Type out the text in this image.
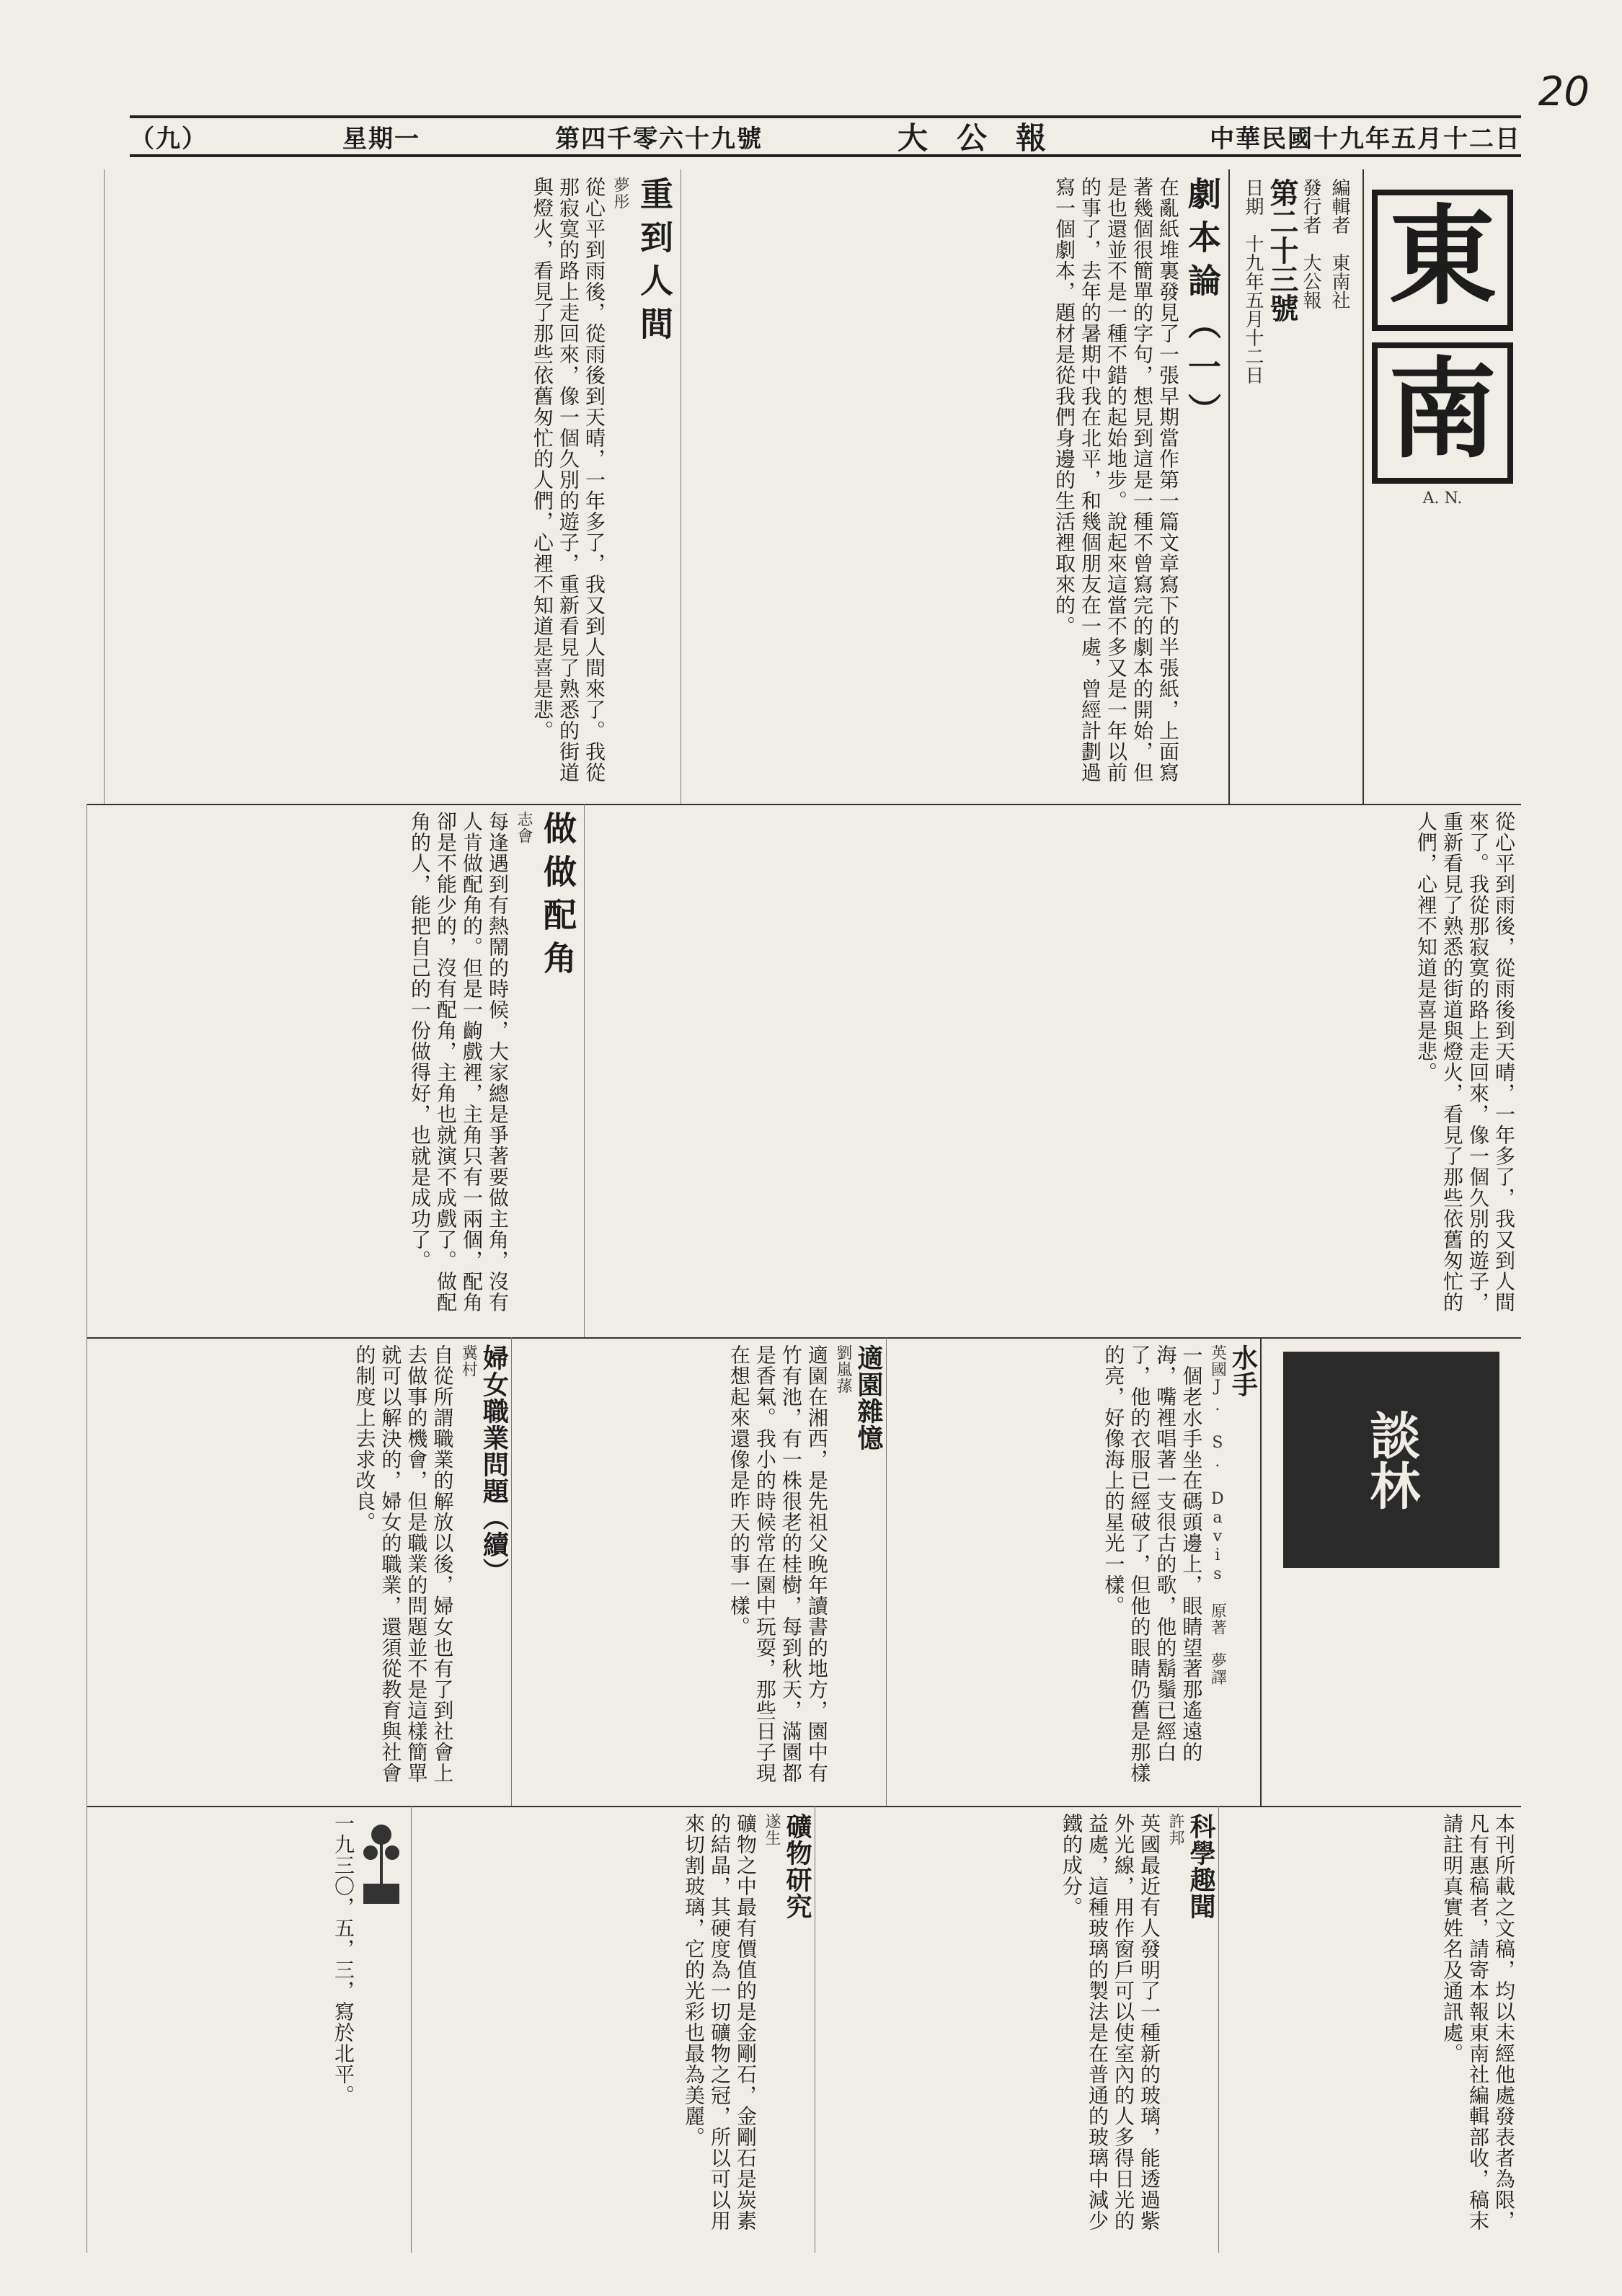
20
（九）	星期一	第四千零六十九號	大公報	中華民國十九年五月十二日
東
南
A. N.
編輯者　東南社
發行者　大公報
第二十三號
日期　十九年五月十二日
劇本論（一）
在亂紙堆裏發見了一張早期當作第一篇文章寫下的半張紙，上面寫著幾個很簡單的字句，想見到這是一種不曾寫完的劇本的開始，但是也還並不是一種不錯的起始地步。說起來這當不多又是一年以前的事了，去年的暑期中我在北平，和幾個朋友在一處，曾經計劃過寫一個劇本，題材是從我們身邊的生活裡取來的。
重到人間
夢彤
從心平到雨後，從雨後到天晴，一年多了，我又到人間來了。我從那寂寞的路上走回來，像一個久別的遊子，重新看見了熟悉的街道與燈火，看見了那些依舊匆忙的人們，心裡不知道是喜是悲。
從心平到雨後，從雨後到天晴，一年多了，我又到人間來了。我從那寂寞的路上走回來，像一個久別的遊子，重新看見了熟悉的街道與燈火，看見了那些依舊匆忙的人們，心裡不知道是喜是悲。
做做配角
志會
每逢遇到有熱鬧的時候，大家總是爭著要做主角，沒有人肯做配角的。但是一齣戲裡，主角只有一兩個，配角卻是不能少的，沒有配角，主角也就演不成戲了。做配角的人，能把自己的一份做得好，也就是成功了。
談林
水手
英國J. S. Davis 原著　夢譯
一個老水手坐在碼頭邊上，眼睛望著那遙遠的海，嘴裡唱著一支很古的歌，他的鬍鬚已經白了，他的衣服已經破了，但他的眼睛仍舊是那樣的亮，好像海上的星光一樣。
適園雜憶
劉嵐蓀
適園在湘西，是先祖父晚年讀書的地方，園中有竹有池，有一株很老的桂樹，每到秋天，滿園都是香氣。我小的時候常在園中玩耍，那些日子現在想起來還像是昨天的事一樣。
婦女職業問題（續）
冀村
自從所謂職業的解放以後，婦女也有了到社會上去做事的機會，但是職業的問題並不是這樣簡單就可以解決的，婦女的職業，還須從教育與社會的制度上去求改良。
本刊所載之文稿，均以未經他處發表者為限，凡有惠稿者，請寄本報東南社編輯部收，稿末請註明真實姓名及通訊處。
科學趣聞
許邦
英國最近有人發明了一種新的玻璃，能透過紫外光線，用作窗戶可以使室內的人多得日光的益處，這種玻璃的製法是在普通的玻璃中減少鐵的成分。
礦物研究
遂生
礦物之中最有價值的是金剛石，金剛石是炭素的結晶，其硬度為一切礦物之冠，所以可以用來切割玻璃，它的光彩也最為美麗。
一九三〇，五，三，寫於北平。
